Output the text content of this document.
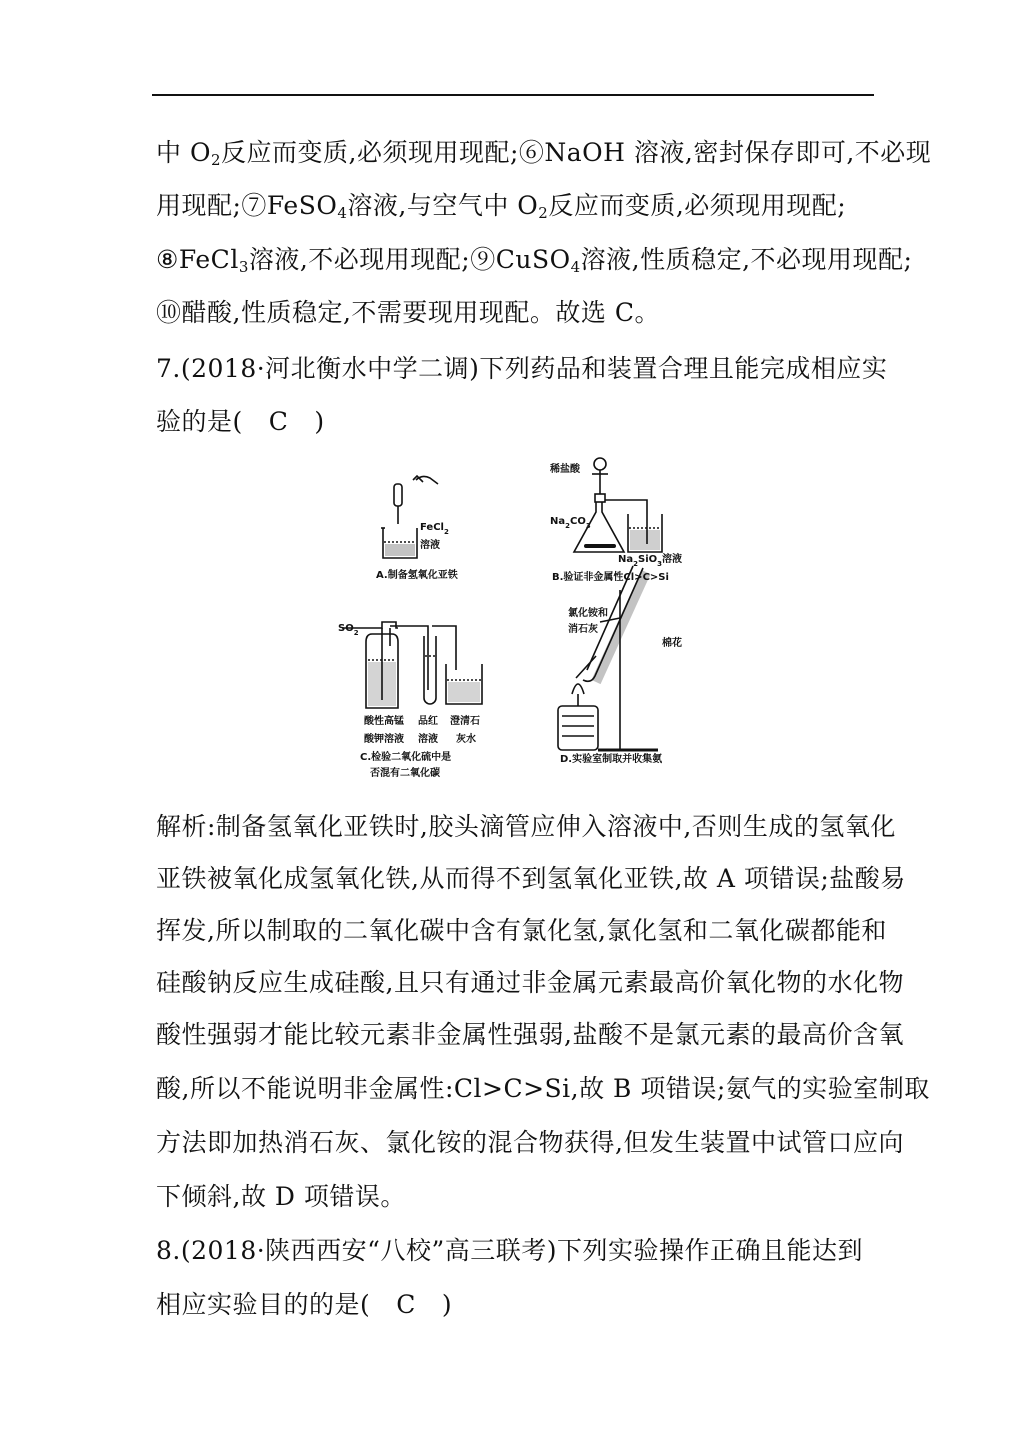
中 $O_2$反应而变质,必须现用现配;⑥NaOH 溶液,密封保存即可,不必现
用现配;⑦FeSO$_4$溶液,与空气中 $O_2$反应而变质,必须现用现配;
⑧FeCl$_3$溶液,不必现用现配;⑨CuSO$_4$溶液,性质稳定,不必现用现配;
⑩醋酸,性质稳定,不需要现用现配。故选 C。
7.(2018·河北衡水中学二调)下列药品和装置合理且能完成相应实
验的是( C )
FeCl$_2$
溶液
A.制备氢氧化亚铁
稀盐酸
$Na_2CO_3$
$Na_2SiO_3$溶液
B.验证非金属性Cl>C>Si
$SO_2$
酸性高锰
酸钾溶液
品红
溶液
澄清石
灰水
C.检验二氧化硫中是
否混有二氧化碳
氯化铵和
消石灰
棉花
D.实验室制取并收集氨
解析:制备氢氧化亚铁时,胶头滴管应伸入溶液中,否则生成的氢氧化
亚铁被氧化成氢氧化铁,从而得不到氢氧化亚铁,故 A 项错误;盐酸易
挥发,所以制取的二氧化碳中含有氯化氢,氯化氢和二氧化碳都能和
硅酸钠反应生成硅酸,且只有通过非金属元素最高价氧化物的水化物
酸性强弱才能比较元素非金属性强弱,盐酸不是氯元素的最高价含氧
酸,所以不能说明非金属性:Cl>C>Si,故 B 项错误;氨气的实验室制取
方法即加热消石灰、氯化铵的混合物获得,但发生装置中试管口应向
下倾斜,故 D 项错误。
8.(2018·陕西西安“八校”高三联考)下列实验操作正确且能达到
相应实验目的的是( C )
